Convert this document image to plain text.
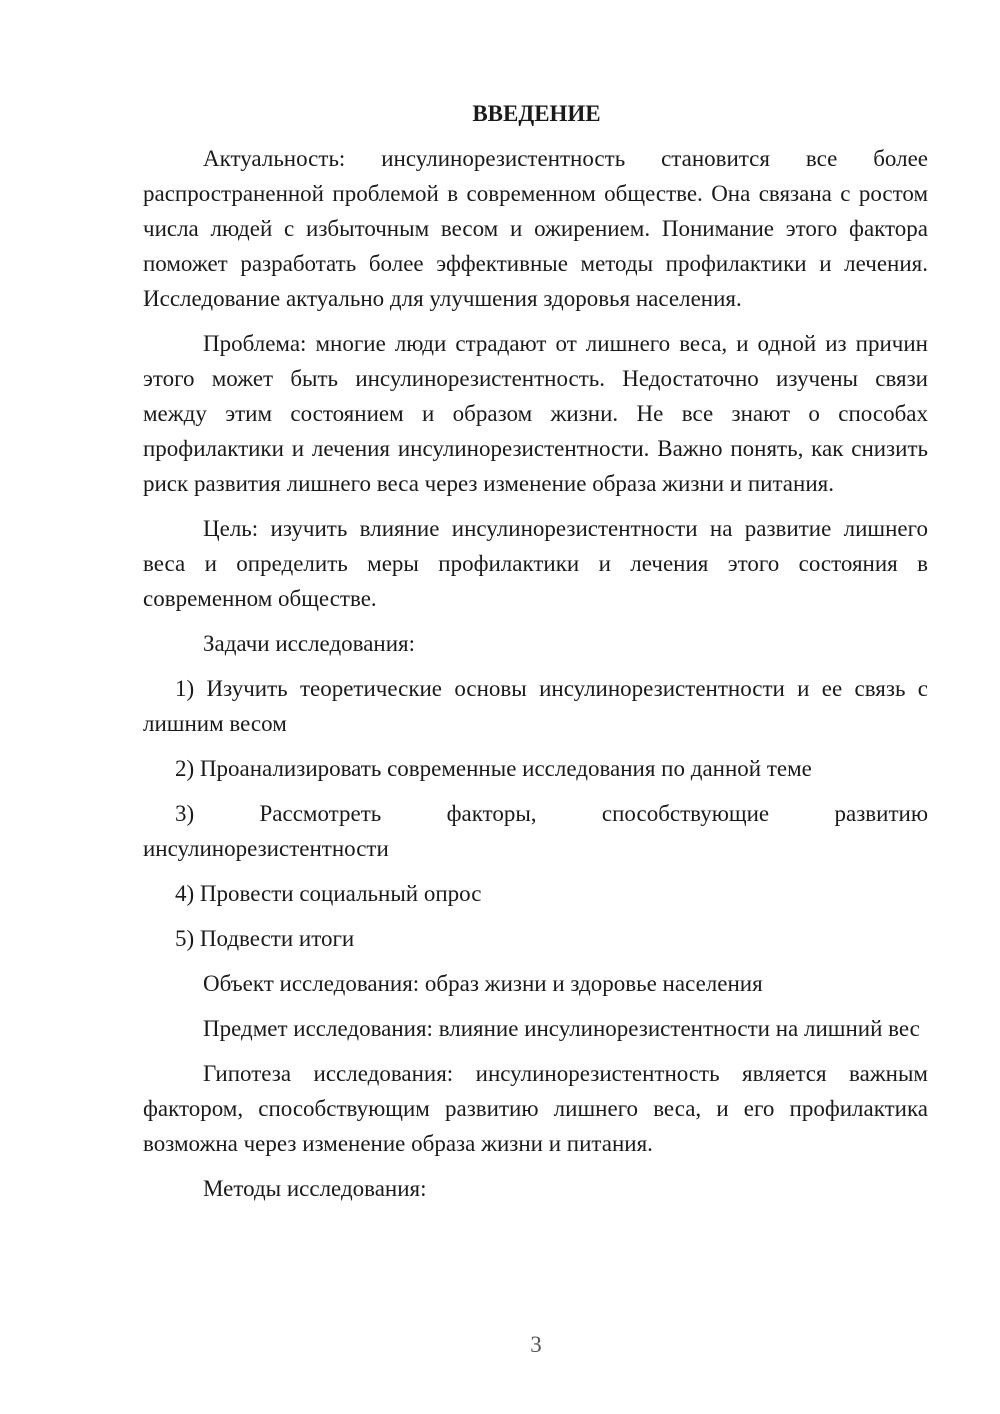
ВВЕДЕНИЕ

Актуальность: инсулинорезистентность становится все более распространенной проблемой в современном обществе. Она связана с ростом числа людей с избыточным весом и ожирением. Понимание этого фактора поможет разработать более эффективные методы профилактики и лечения. Исследование актуально для улучшения здоровья населения.

Проблема: многие люди страдают от лишнего веса, и одной из причин этого может быть инсулинорезистентность. Недостаточно изучены связи между этим состоянием и образом жизни. Не все знают о способах профилактики и лечения инсулинорезистентности. Важно понять, как снизить риск развития лишнего веса через изменение образа жизни и питания.

Цель: изучить влияние инсулинорезистентности на развитие лишнего веса и определить меры профилактики и лечения этого состояния в современном обществе.

Задачи исследования:

1) Изучить теоретические основы инсулинорезистентности и ее связь с лишним весом

2) Проанализировать современные исследования по данной теме

3) Рассмотреть факторы, способствующие развитию инсулинорезистентности

4) Провести социальный опрос

5) Подвести итоги

Объект исследования: образ жизни и здоровье населения

Предмет исследования: влияние инсулинорезистентности на лишний вес

Гипотеза исследования: инсулинорезистентность является важным фактором, способствующим развитию лишнего веса, и его профилактика возможна через изменение образа жизни и питания.

Методы исследования:

3
